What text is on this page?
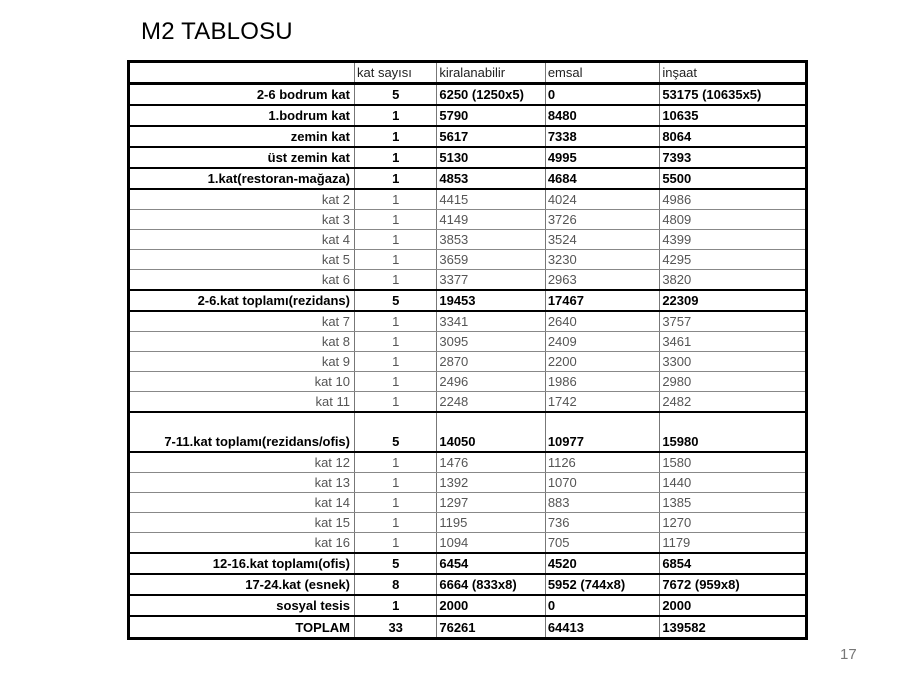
M2 TABLOSU
	kat sayısı	kiralanabilir	emsal	inşaat
2-6 bodrum kat	5	6250 (1250x5)	0	53175 (10635x5)
1.bodrum kat	1	5790	8480	10635
zemin kat	1	5617	7338	8064
üst zemin kat	1	5130	4995	7393
1.kat(restoran-mağaza)	1	4853	4684	5500
kat 2	1	4415	4024	4986
kat 3	1	4149	3726	4809
kat 4	1	3853	3524	4399
kat 5	1	3659	3230	4295
kat 6	1	3377	2963	3820
2-6.kat toplamı(rezidans)	5	19453	17467	22309
kat 7	1	3341	2640	3757
kat 8	1	3095	2409	3461
kat 9	1	2870	2200	3300
kat 10	1	2496	1986	2980
kat 11	1	2248	1742	2482
7-11.kat toplamı(rezidans/ofis)	5	14050	10977	15980
kat 12	1	1476	1126	1580
kat 13	1	1392	1070	1440
kat 14	1	1297	883	1385
kat 15	1	1195	736	1270
kat 16	1	1094	705	1179
12-16.kat toplamı(ofis)	5	6454	4520	6854
17-24.kat (esnek)	8	6664 (833x8)	5952 (744x8)	7672 (959x8)
sosyal tesis	1	2000	0	2000
TOPLAM	33	76261	64413	139582
17
